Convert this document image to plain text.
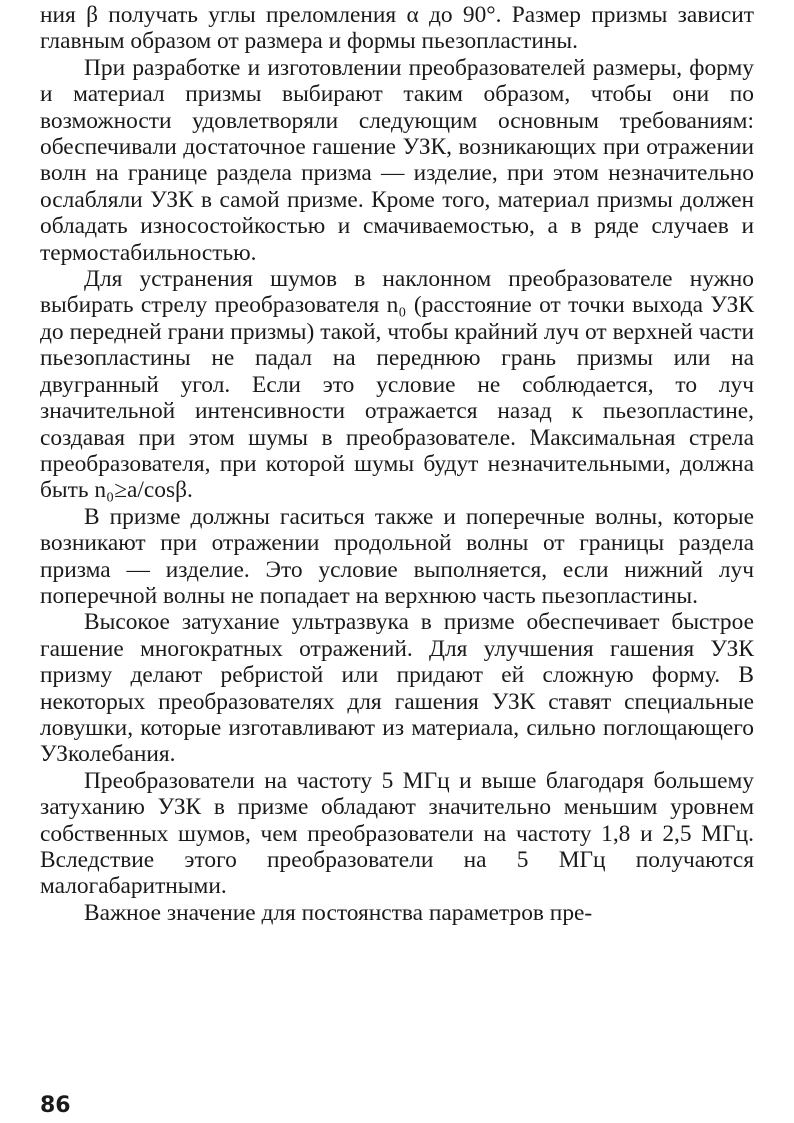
ния β получать углы преломления α до 90°. Размер призмы зависит главным образом от размера и формы пьезопластины.

При разработке и изготовлении преобразователей размеры, форму и материал призмы выбирают таким образом, чтобы они по возможности удовлетворяли следующим основным требованиям: обеспечивали достаточное гашение УЗК, возникающих при отражении волн на границе раздела призма — изделие, при этом незначительно ослабляли УЗК в самой призме. Кроме того, материал призмы должен обладать износостойкостью и смачиваемостью, а в ряде случаев и термостабильностью.

Для устранения шумов в наклонном преобразователе нужно выбирать стрелу преобразователя n₀ (расстояние от точки выхода УЗК до передней грани призмы) такой, чтобы крайний луч от верхней части пьезопластины не падал на переднюю грань призмы или на двугранный угол. Если это условие не соблюдается, то луч значительной интенсивности отражается назад к пьезопластине, создавая при этом шумы в преобразователе. Максимальная стрела преобразователя, при которой шумы будут незначительными, должна быть n₀≥a/cosβ.

В призме должны гаситься также и поперечные волны, которые возникают при отражении продольной волны от границы раздела призма — изделие. Это условие выполняется, если нижний луч поперечной волны не попадает на верхнюю часть пьезопластины.

Высокое затухание ультразвука в призме обеспечивает быстрое гашение многократных отражений. Для улучшения гашения УЗК призму делают ребристой или придают ей сложную форму. В некоторых преобразователях для гашения УЗК ставят специальные ловушки, которые изготавливают из материала, сильно поглощающего УЗколебания.

Преобразователи на частоту 5 МГц и выше благодаря большему затуханию УЗК в призме обладают значительно меньшим уровнем собственных шумов, чем преобразователи на частоту 1,8 и 2,5 МГц. Вследствие этого преобразователи на 5 МГц получаются малогабаритными.

Важное значение для постоянства параметров пре-

86
